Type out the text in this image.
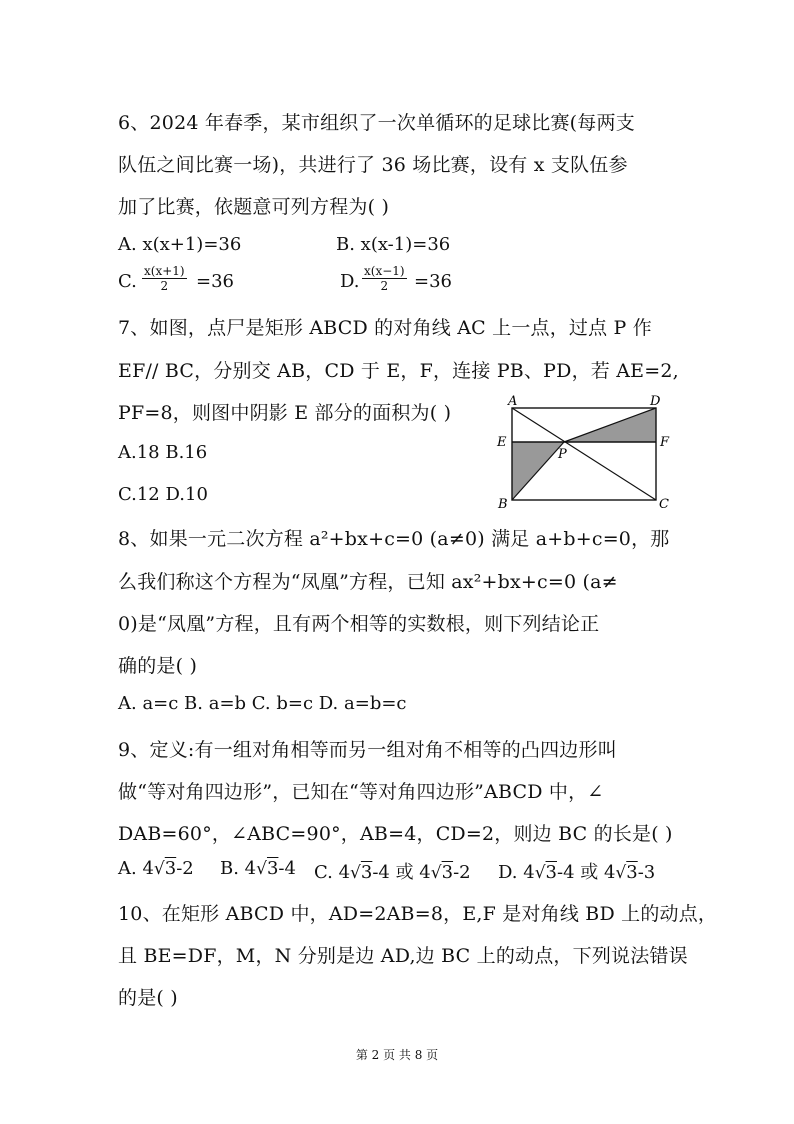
6、2024 年春季，某市组织了一次单循环的足球比赛(每两支
队伍之间比赛一场)，共进行了 36 场比赛，设有 x 支队伍参
加了比赛，依题意可列方程为( )
A. x(x+1)=36	B. x(x-1)=36
C. $\frac{x(x+1)}{2} =36$	D. $\frac{x(x-1)}{2} =36$
7、如图，点尸是矩形 ABCD 的对角线 AC 上一点，过点 P 作
EF// BC，分别交 AB，CD 于 E，F，连接 PB、PD，若 AE=2,
PF=8，则图中阴影 E 部分的面积为( )
A.18 B.16
C.12 D.10
A	D
E	F
P
B	C
8、如果一元二次方程 a²+bx+c=0 (a≠0) 满足 a+b+c=0，那
么我们称这个方程为“凤凰”方程，已知 ax²+bx+c=0 (a≠
0)是“凤凰”方程，且有两个相等的实数根，则下列结论正
确的是( )
A. a=c B. a=b C. b=c D. a=b=c
9、定义:有一组对角相等而另一组对角不相等的凸四边形叫
做“等对角四边形”，已知在“等对角四边形”ABCD 中，∠
DAB=60°，∠ABC=90°，AB=4，CD=2，则边 BC 的长是( )
A. 4√3-2 B. 4√3-4 C. 4√3-4 或 4√3-2 D. 4√3-4 或 4√3-3
10、在矩形 ABCD 中，AD=2AB=8，E,F 是对角线 BD 上的动点，
且 BE=DF，M，N 分别是边 AD,边 BC 上的动点，下列说法错误
的是( )
第 2 页 共 8 页
